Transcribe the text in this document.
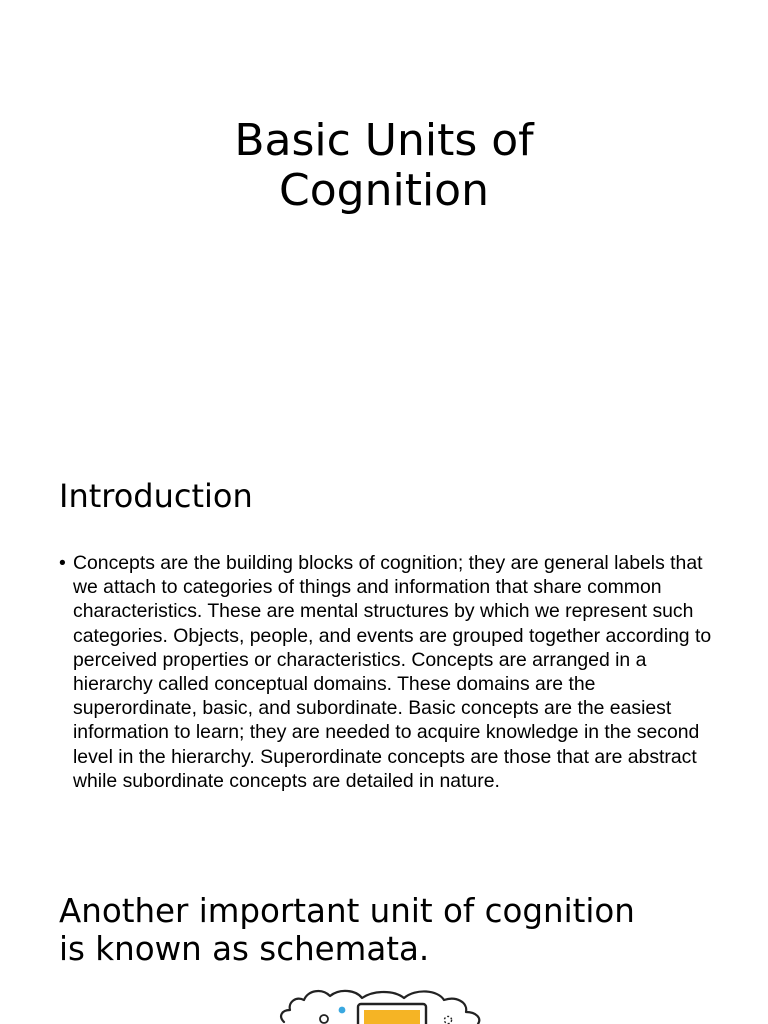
Basic Units of
Cognition
Introduction
• Concepts are the building blocks of cognition; they are general labels that we attach to categories of things and information that share common characteristics. These are mental structures by which we represent such categories. Objects, people, and events are grouped together according to perceived properties or characteristics. Concepts are arranged in a hierarchy called conceptual domains. These domains are the superordinate, basic, and subordinate. Basic concepts are the easiest information to learn; they are needed to acquire knowledge in the second level in the hierarchy. Superordinate concepts are those that are abstract while subordinate concepts are detailed in nature.
Another important unit of cognition
is known as schemata.
